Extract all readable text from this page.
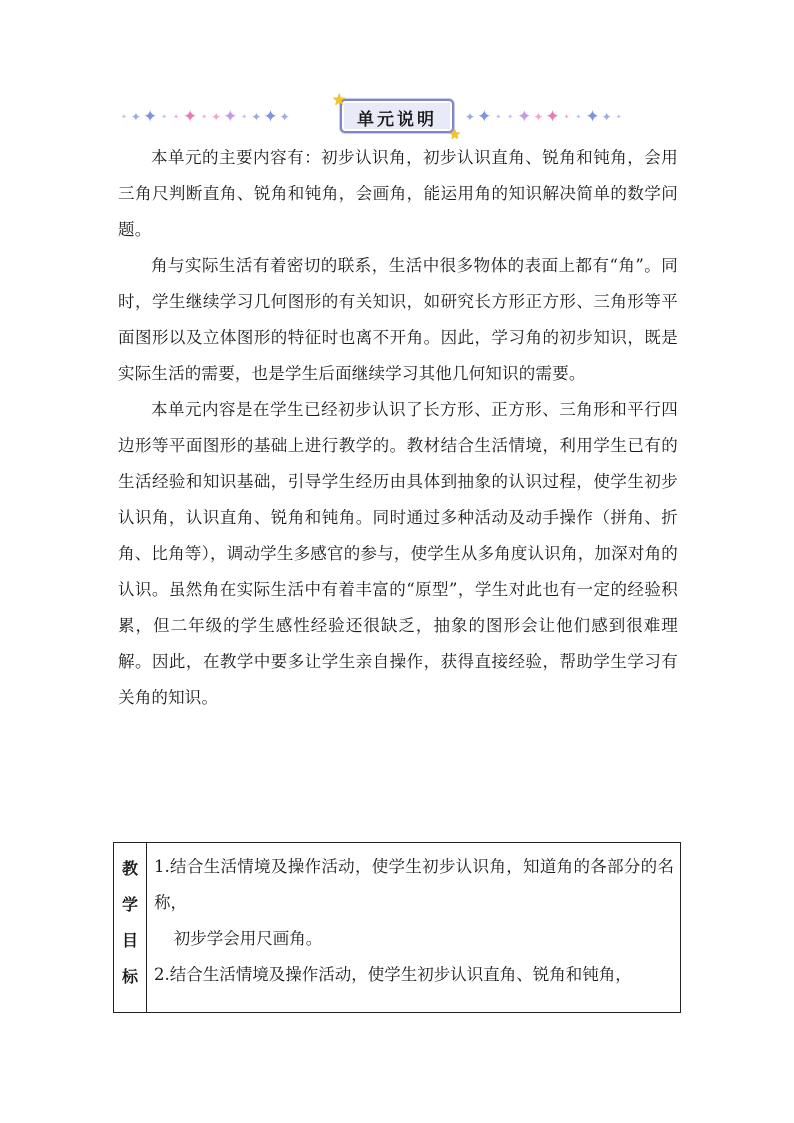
✦ ✦ ✦ ✦ ✦ ✦ ✦ ✦ ✦ ✦ ✦ ✦ ✦
★
单元说明
★
✦ ✦ ✦ ✦ ✦ ✦ ✦ ✦ ✦ ✦ ✦ ✦

本单元的主要内容有：初步认识角，初步认识直角、锐角和钝角，会用三角尺判断直角、锐角和钝角，会画角，能运用角的知识解决简单的数学问题。

角与实际生活有着密切的联系，生活中很多物体的表面上都有“角”。同时，学生继续学习几何图形的有关知识，如研究长方形正方形、三角形等平面图形以及立体图形的特征时也离不开角。因此，学习角的初步知识，既是实际生活的需要，也是学生后面继续学习其他几何知识的需要。

本单元内容是在学生已经初步认识了长方形、正方形、三角形和平行四边形等平面图形的基础上进行教学的。教材结合生活情境，利用学生已有的生活经验和知识基础，引导学生经历由具体到抽象的认识过程，使学生初步认识角，认识直角、锐角和钝角。同时通过多种活动及动手操作（拼角、折角、比角等），调动学生多感官的参与，使学生从多角度认识角，加深对角的认识。虽然角在实际生活中有着丰富的“原型”，学生对此也有一定的经验积累，但二年级的学生感性经验还很缺乏，抽象的图形会让他们感到很难理解。因此，在教学中要多让学生亲自操作，获得直接经验，帮助学生学习有关角的知识。

教
学
目
标

1.结合生活情境及操作活动，使学生初步认识角，知道角的各部分的名称，

初步学会用尺画角。

2.结合生活情境及操作活动，使学生初步认识直角、锐角和钝角，
